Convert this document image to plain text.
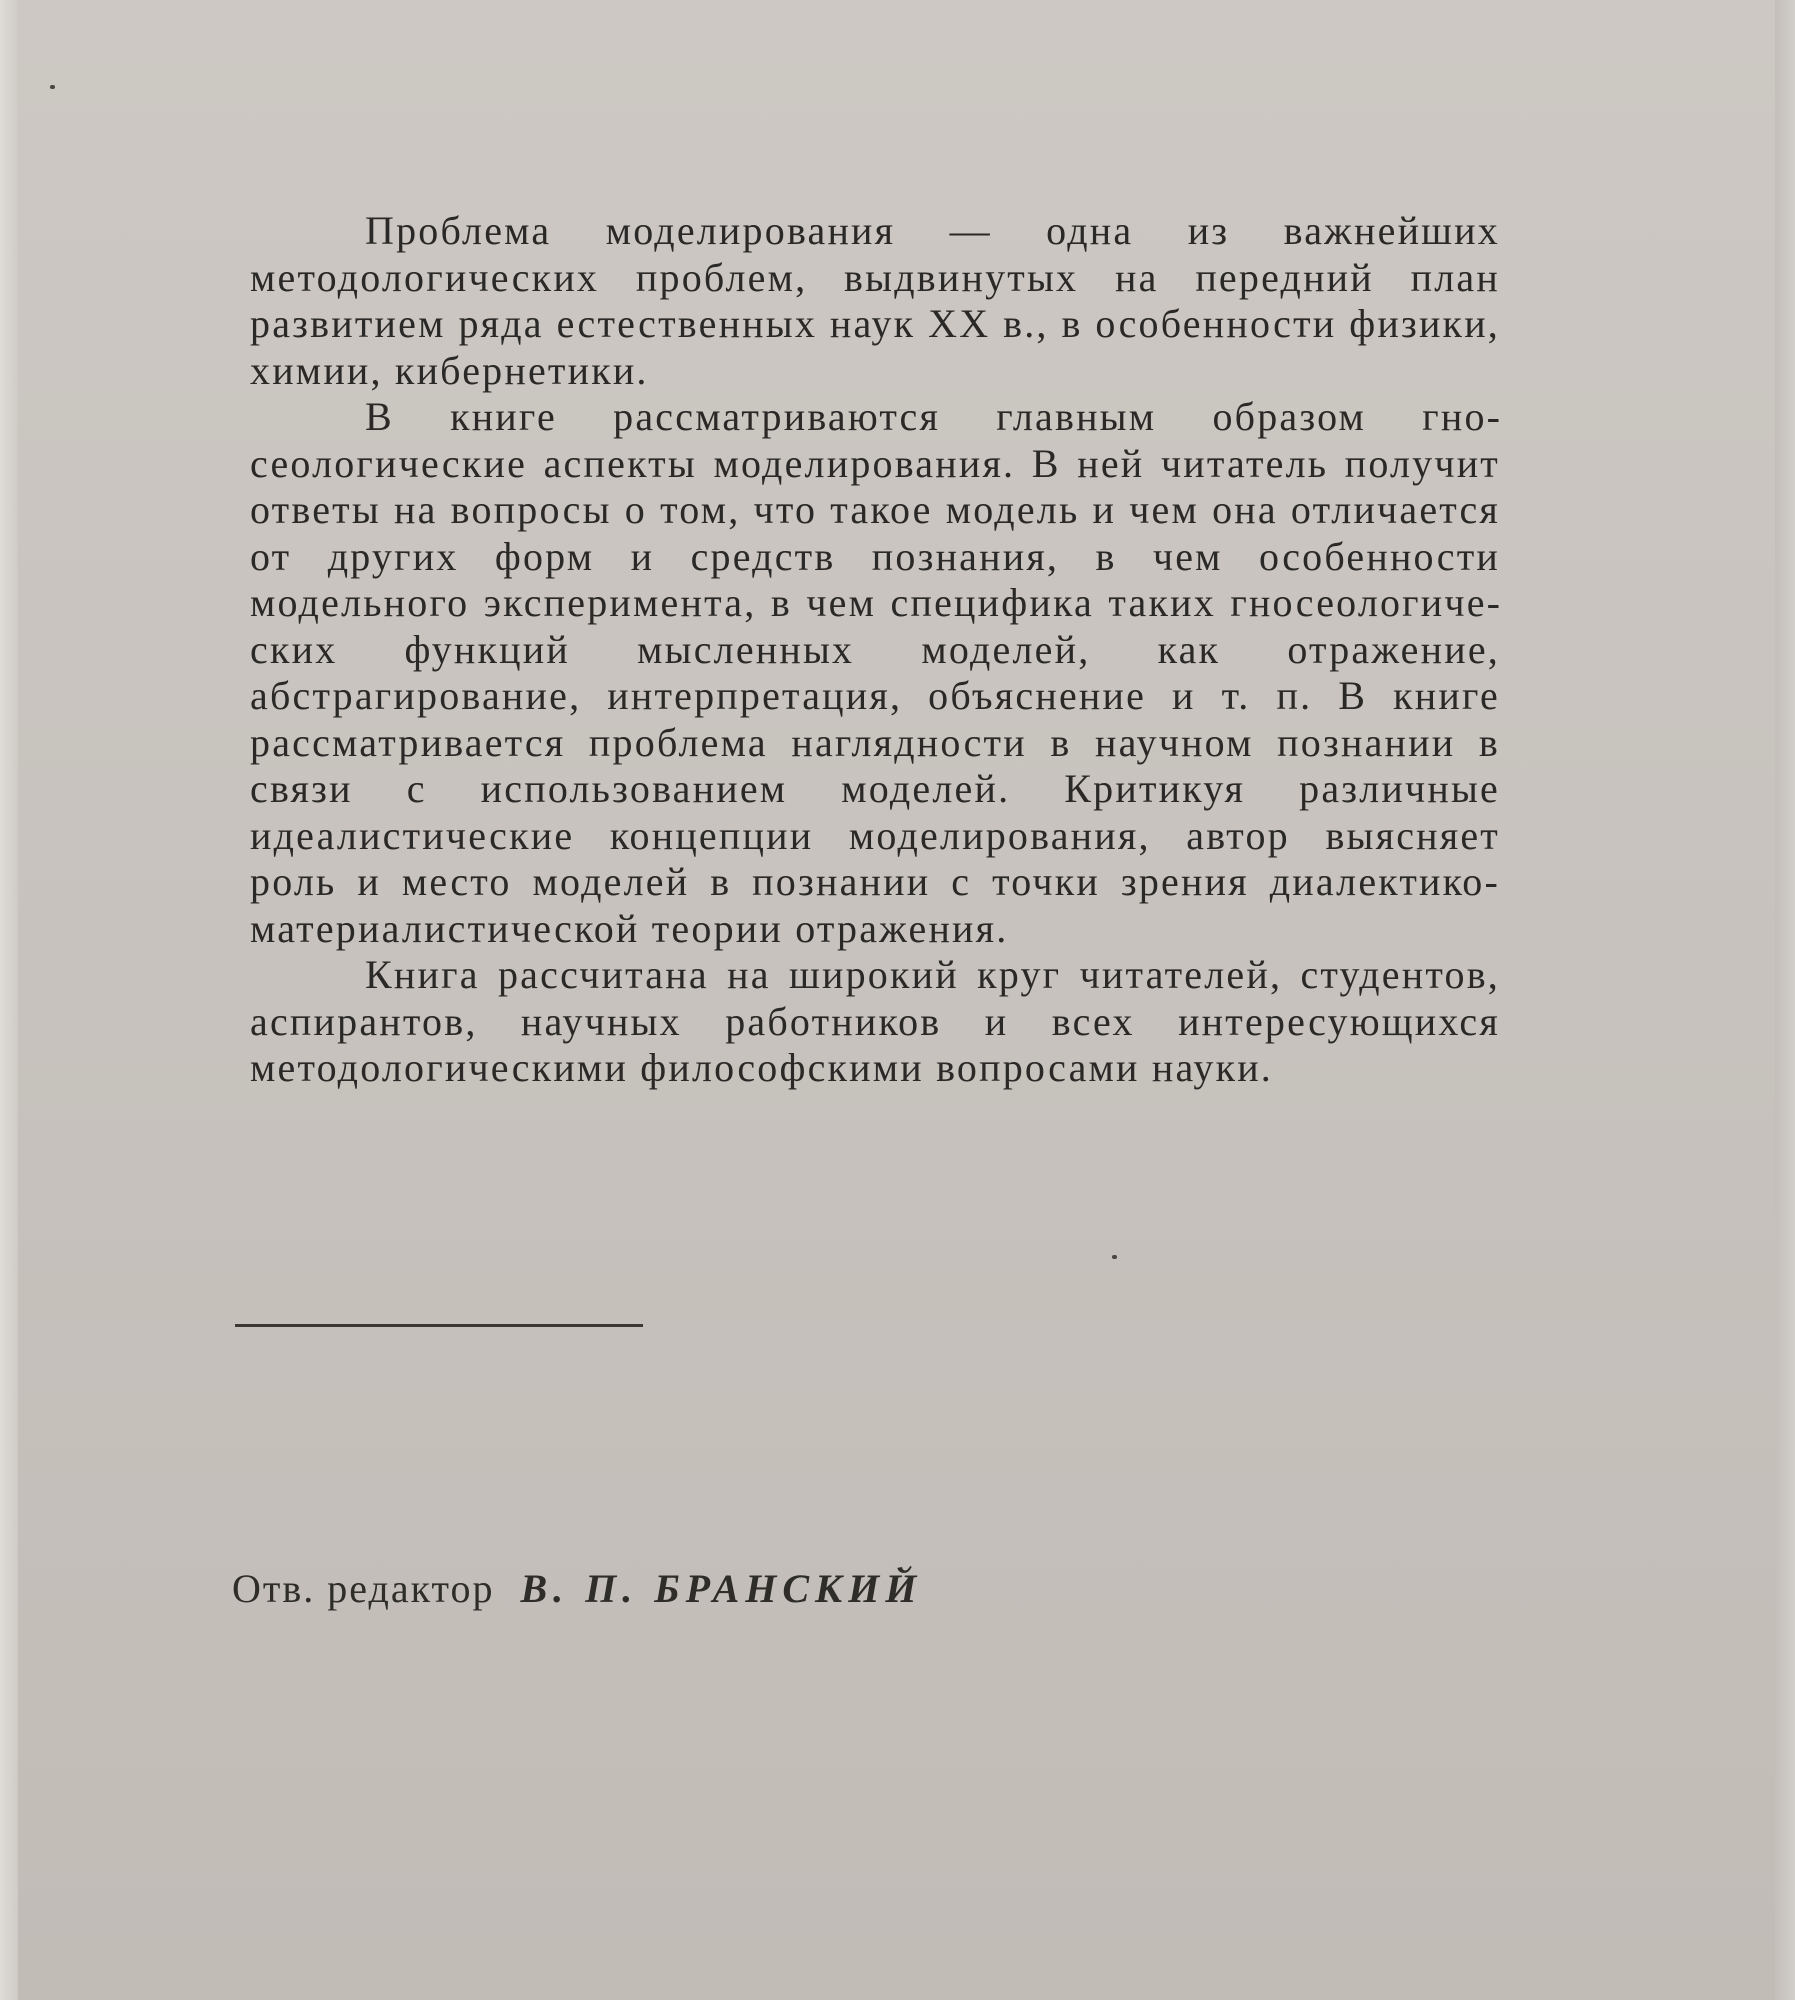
Проблема моделирования — одна из важнейших методологических проблем, выдвинутых на передний план развитием ряда естественных наук XX в., в особенности физики, химии, кибернетики.

В книге рассматриваются главным образом гносеологические аспекты моделирования. В ней читатель получит ответы на вопросы о том, что такое модель и чем она отличается от других форм и средств познания, в чем особенности модельного эксперимента, в чем специфика таких гносеологических функций мысленных моделей, как отражение, абстрагирование, интерпретация, объяснение и т. п. В книге рассматривается проблема наглядности в научном познании в связи с использованием моделей. Критикуя различные идеалистические концепции моделирования, автор выясняет роль и место моделей в познании с точки зрения диалектико-материалистической теории отражения.

Книга рассчитана на широкий круг читателей, студентов, аспирантов, научных работников и всех интересующихся методологическими философскими вопросами науки.

Отв. редактор В. П. БРАНСКИЙ
